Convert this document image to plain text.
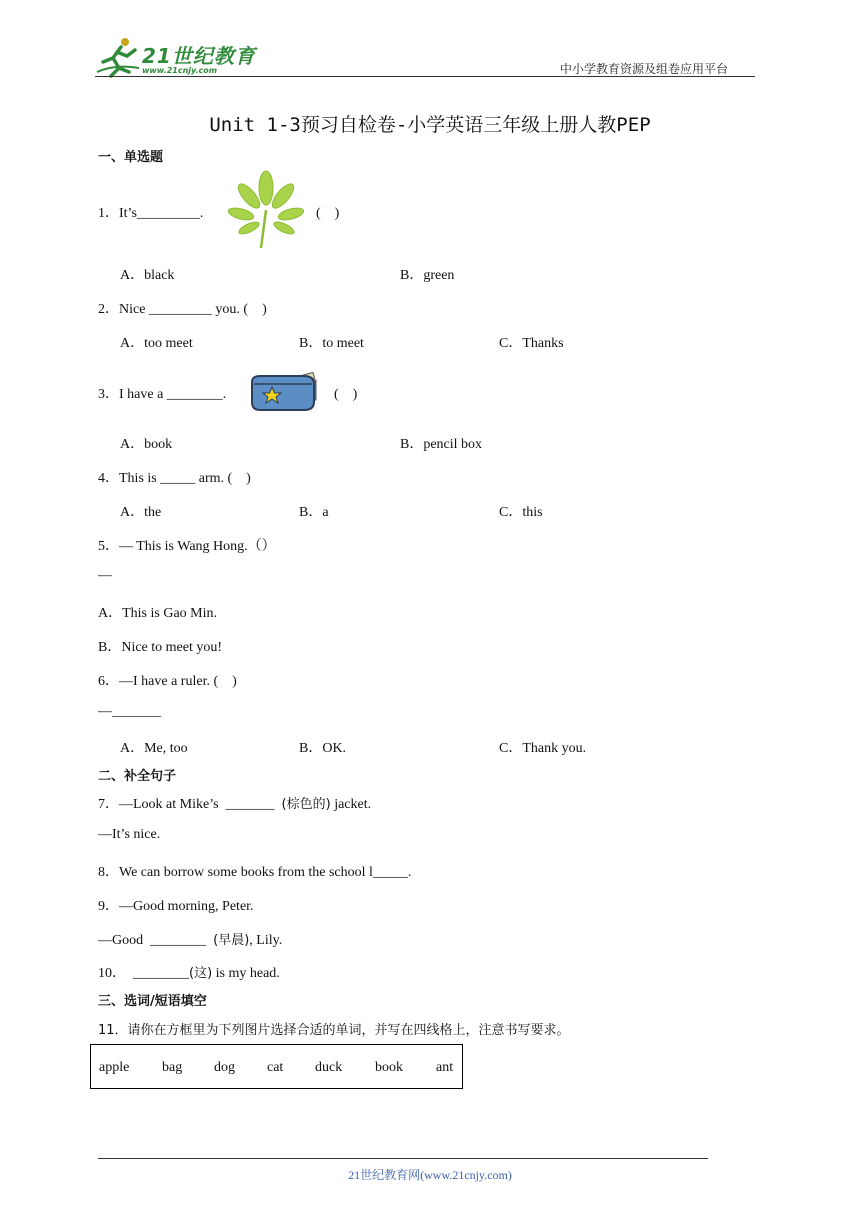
21世纪教育
www.21cnjy.com	中小学教育资源及组卷应用平台
Unit 1-3预习自检卷-小学英语三年级上册人教PEP
一、单选题
1．It’s_________.	(　)
A．black	B．green
2．Nice _________ you. (　)
A．too meet	B．to meet	C．Thanks
3．I have a ________.	(　)
A．book	B．pencil box
4．This is _____ arm. (　)
A．the	B．a	C．this
5．— This is Wang Hong.（）
—
A．This is Gao Min.
B．Nice to meet you!
6．—I have a ruler. (　)
—_______
A．Me, too	B．OK.	C．Thank you.
二、补全句子
7．—Look at Mike’s  _______  (棕色的) jacket.
—It’s nice.
8．We can borrow some books from the school l_____.
9．—Good morning, Peter.
—Good  ________  (早晨), Lily.
10．  ________(这) is my head.
三、选词/短语填空
11．请你在方框里为下列图片选择合适的单词，并写在四线格上，注意书写要求。
apple bag dog cat duck book ant
21世纪教育网(www.21cnjy.com)
